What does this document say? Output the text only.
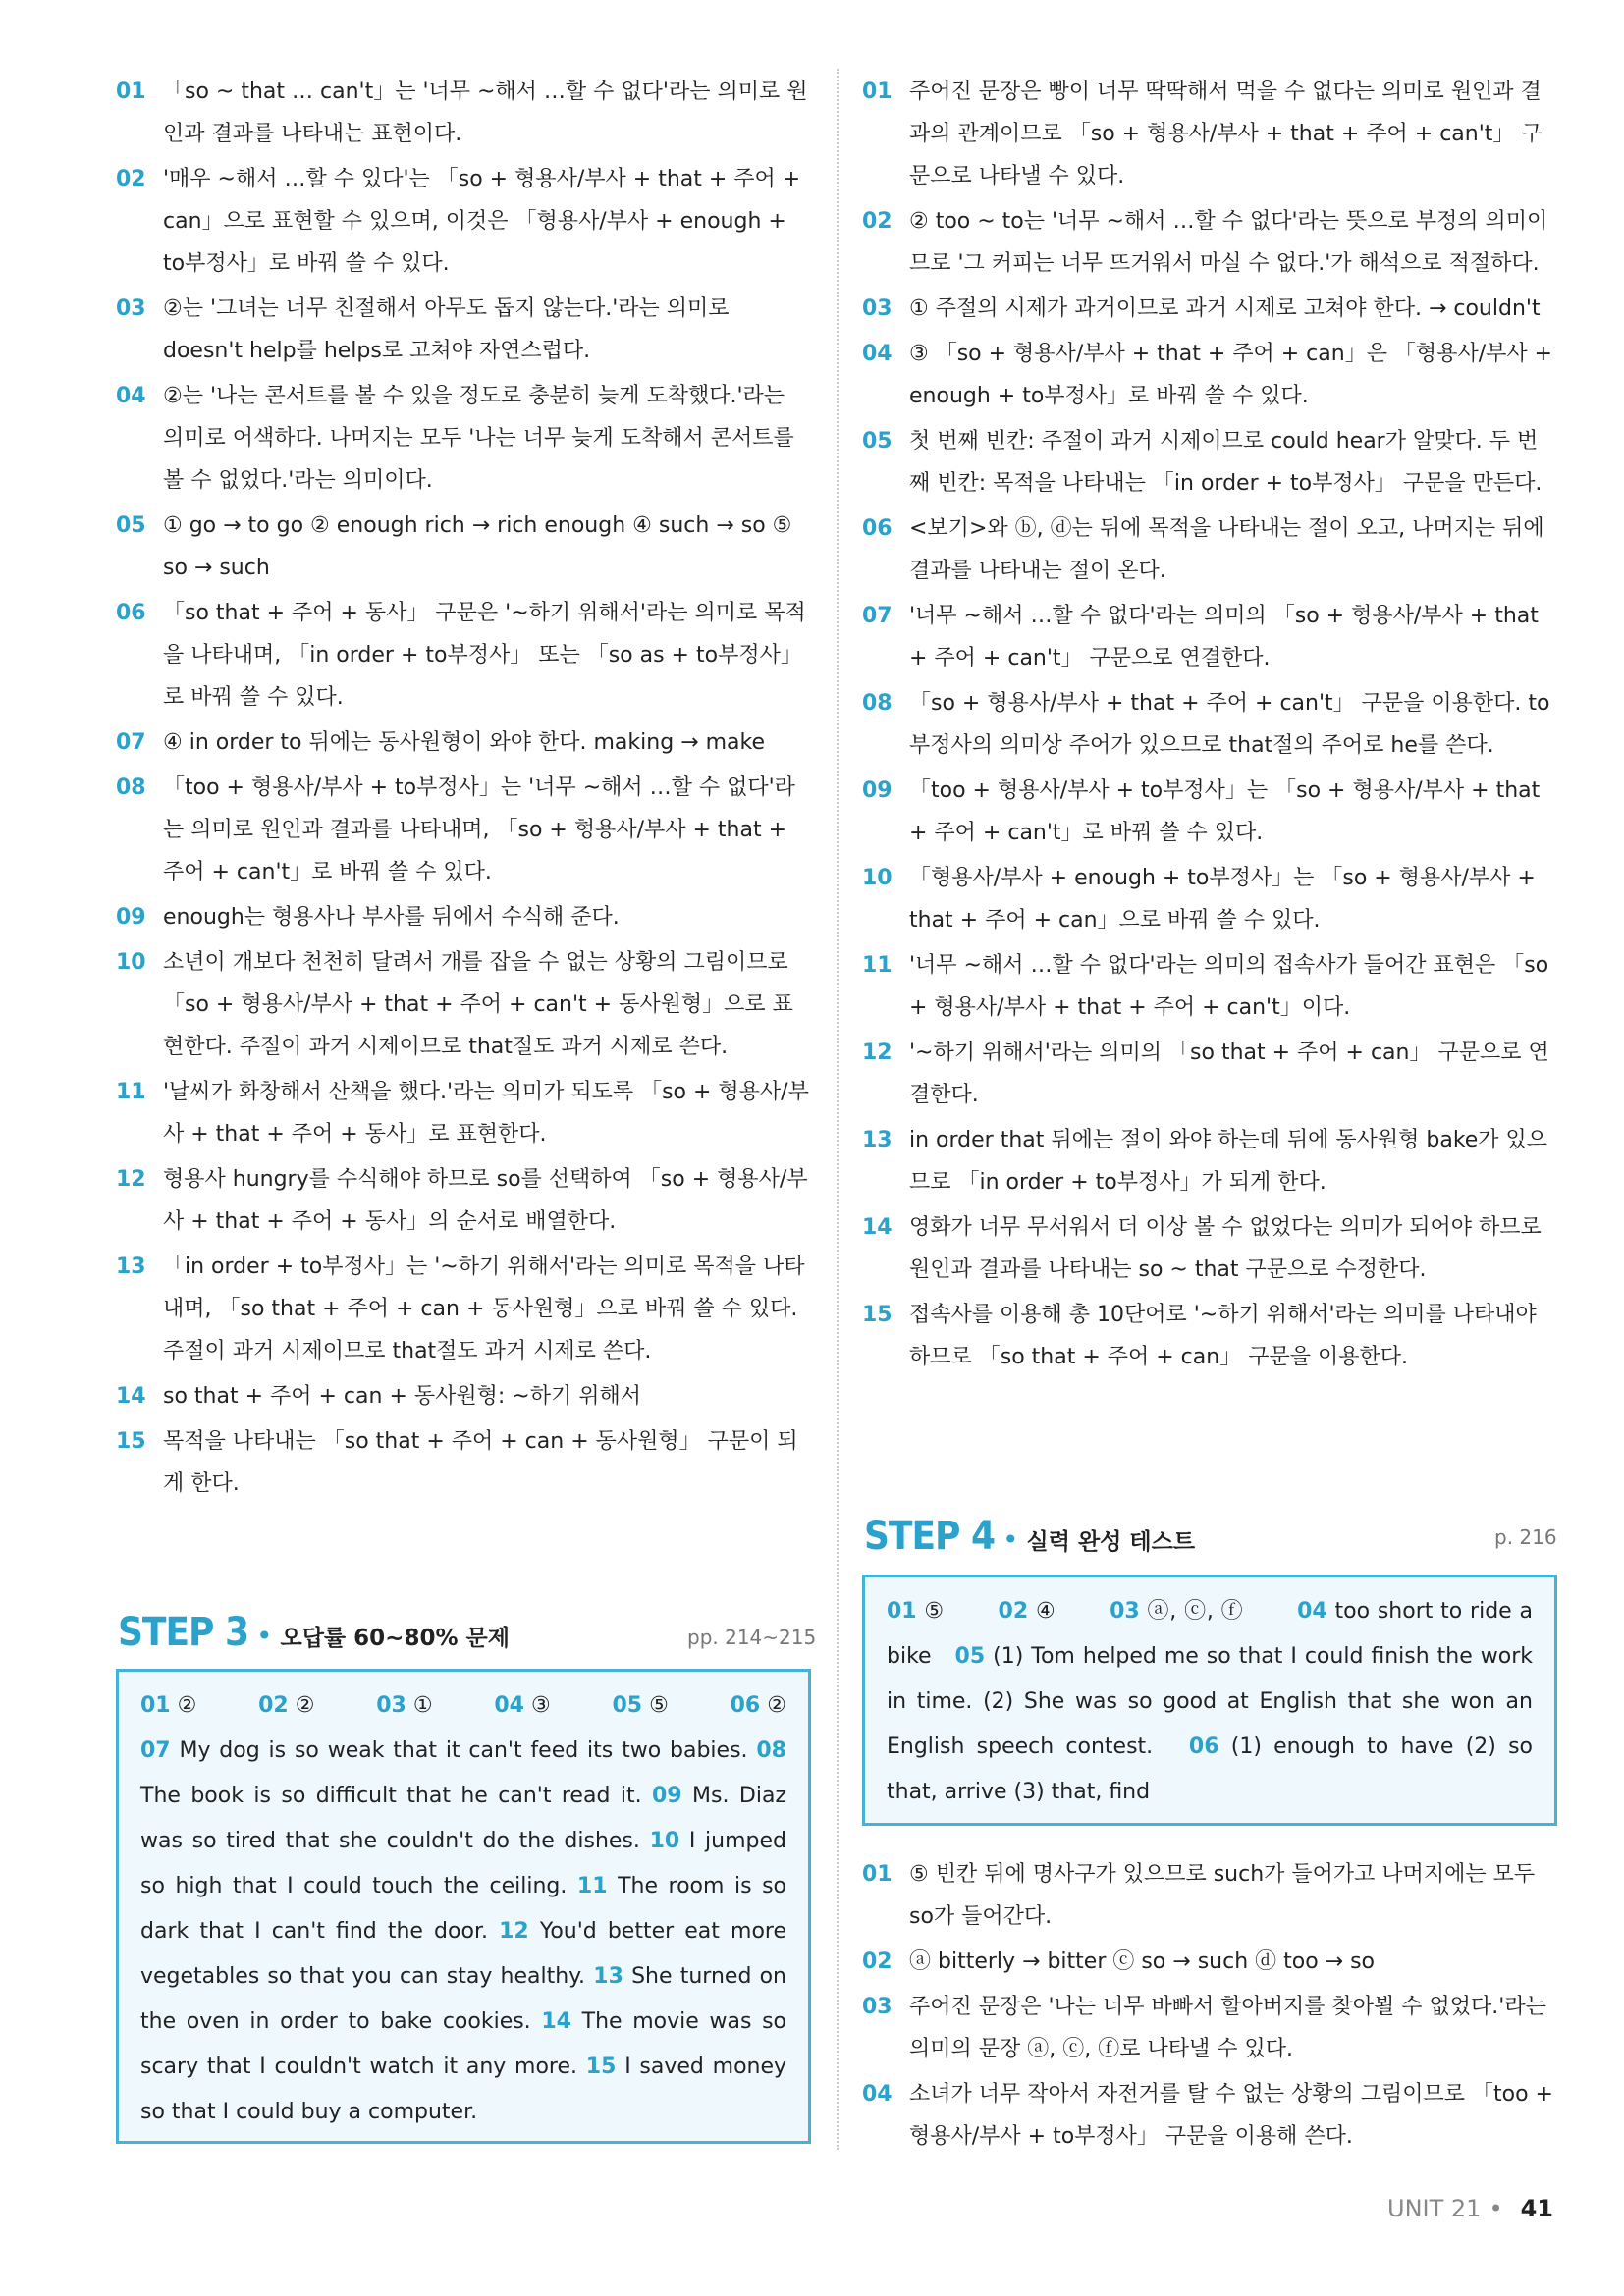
01 「so ~ that … can't」는 '너무 ~해서 …할 수 없다'라는 의미로 원인과 결과를 나타내는 표현이다.
02 '매우 ~해서 …할 수 있다'는 「so + 형용사/부사 + that + 주어 + can」으로 표현할 수 있으며, 이것은 「형용사/부사 + enough + to부정사」로 바꿔 쓸 수 있다.
03 ②는 '그녀는 너무 친절해서 아무도 돕지 않는다.'라는 의미로 doesn't help를 helps로 고쳐야 자연스럽다.
04 ②는 '나는 콘서트를 볼 수 있을 정도로 충분히 늦게 도착했다.'라는 의미로 어색하다. 나머지는 모두 '나는 너무 늦게 도착해서 콘서트를 볼 수 없었다.'라는 의미이다.
05 ① go → to go ② enough rich → rich enough ④ such → so ⑤ so → such
06 「so that + 주어 + 동사」 구문은 '~하기 위해서'라는 의미로 목적을 나타내며, 「in order + to부정사」 또는 「so as + to부정사」로 바꿔 쓸 수 있다.
07 ④ in order to 뒤에는 동사원형이 와야 한다. making → make
08 「too + 형용사/부사 + to부정사」는 '너무 ~해서 …할 수 없다'라는 의미로 원인과 결과를 나타내며, 「so + 형용사/부사 + that + 주어 + can't」로 바꿔 쓸 수 있다.
09 enough는 형용사나 부사를 뒤에서 수식해 준다.
10 소년이 개보다 천천히 달려서 개를 잡을 수 없는 상황의 그림이므로 「so + 형용사/부사 + that + 주어 + can't + 동사원형」으로 표현한다. 주절이 과거 시제이므로 that절도 과거 시제로 쓴다.
11 '날씨가 화창해서 산책을 했다.'라는 의미가 되도록 「so + 형용사/부사 + that + 주어 + 동사」로 표현한다.
12 형용사 hungry를 수식해야 하므로 so를 선택하여 「so + 형용사/부사 + that + 주어 + 동사」의 순서로 배열한다.
13 「in order + to부정사」는 '~하기 위해서'라는 의미로 목적을 나타내며, 「so that + 주어 + can + 동사원형」으로 바꿔 쓸 수 있다. 주절이 과거 시제이므로 that절도 과거 시제로 쓴다.
14 so that + 주어 + can + 동사원형: ~하기 위해서
15 목적을 나타내는 「so that + 주어 + can + 동사원형」 구문이 되게 한다.
01 주어진 문장은 빵이 너무 딱딱해서 먹을 수 없다는 의미로 원인과 결과의 관계이므로 「so + 형용사/부사 + that + 주어 + can't」 구문으로 나타낼 수 있다.
02 ② too ~ to는 '너무 ~해서 …할 수 없다'라는 뜻으로 부정의 의미이므로 '그 커피는 너무 뜨거워서 마실 수 없다.'가 해석으로 적절하다.
03 ① 주절의 시제가 과거이므로 과거 시제로 고쳐야 한다. → couldn't
04 ③ 「so + 형용사/부사 + that + 주어 + can」은 「형용사/부사 + enough + to부정사」로 바꿔 쓸 수 있다.
05 첫 번째 빈칸: 주절이 과거 시제이므로 could hear가 알맞다. 두 번째 빈칸: 목적을 나타내는 「in order + to부정사」 구문을 만든다.
06 <보기>와 ⓑ, ⓓ는 뒤에 목적을 나타내는 절이 오고, 나머지는 뒤에 결과를 나타내는 절이 온다.
07 '너무 ~해서 …할 수 없다'라는 의미의 「so + 형용사/부사 + that + 주어 + can't」 구문으로 연결한다.
08 「so + 형용사/부사 + that + 주어 + can't」 구문을 이용한다. to부정사의 의미상 주어가 있으므로 that절의 주어로 he를 쓴다.
09 「too + 형용사/부사 + to부정사」는 「so + 형용사/부사 + that + 주어 + can't」로 바꿔 쓸 수 있다.
10 「형용사/부사 + enough + to부정사」는 「so + 형용사/부사 + that + 주어 + can」으로 바꿔 쓸 수 있다.
11 '너무 ~해서 …할 수 없다'라는 의미의 접속사가 들어간 표현은 「so + 형용사/부사 + that + 주어 + can't」이다.
12 '~하기 위해서'라는 의미의 「so that + 주어 + can」 구문으로 연결한다.
13 in order that 뒤에는 절이 와야 하는데 뒤에 동사원형 bake가 있으므로 「in order + to부정사」가 되게 한다.
14 영화가 너무 무서워서 더 이상 볼 수 없었다는 의미가 되어야 하므로 원인과 결과를 나타내는 so ~ that 구문으로 수정한다.
15 접속사를 이용해 총 10단어로 '~하기 위해서'라는 의미를 나타내야 하므로 「so that + 주어 + can」 구문을 이용한다.
STEP 3 • 오답률 60~80% 문제	pp. 214~215
01 ②	02 ②	03 ①	04 ③	05 ⑤	06 ②
07 My dog is so weak that it can't feed its two babies. 08 The book is so difficult that he can't read it. 09 Ms. Diaz was so tired that she couldn't do the dishes. 10 I jumped so high that I could touch the ceiling. 11 The room is so dark that I can't find the door. 12 You'd better eat more vegetables so that you can stay healthy. 13 She turned on the oven in order to bake cookies. 14 The movie was so scary that I couldn't watch it any more. 15 I saved money so that I could buy a computer.
STEP 4 • 실력 완성 테스트	p. 216
01 ⑤ 02 ④ 03 ⓐ, ⓒ, ⓕ 04 too short to ride a bike 05 (1) Tom helped me so that I could finish the work in time. (2) She was so good at English that she won an English speech contest. 06 (1) enough to have (2) so that, arrive (3) that, find
01 ⑤ 빈칸 뒤에 명사구가 있으므로 such가 들어가고 나머지에는 모두 so가 들어간다.
02 ⓐ bitterly → bitter ⓒ so → such ⓓ too → so
03 주어진 문장은 '나는 너무 바빠서 할아버지를 찾아뵐 수 없었다.'라는 의미의 문장 ⓐ, ⓒ, ⓕ로 나타낼 수 있다.
04 소녀가 너무 작아서 자전거를 탈 수 없는 상황의 그림이므로 「too + 형용사/부사 + to부정사」 구문을 이용해 쓴다.
UNIT 21 • 41
